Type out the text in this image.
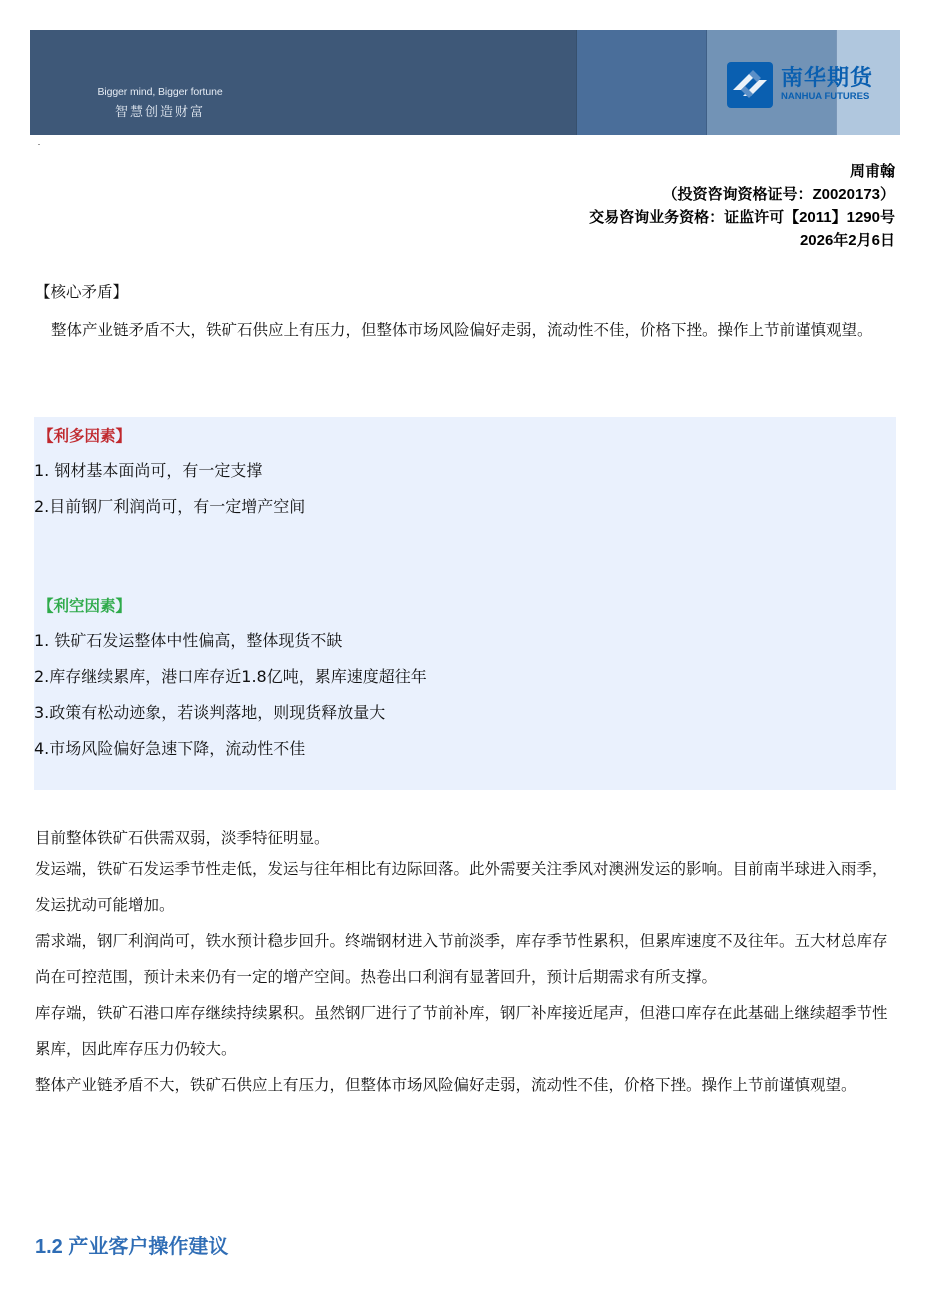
Bigger mind, Bigger fortune
智慧创造财富
南华期货
NANHUA FUTURES
周甫翰
（投资咨询资格证号：Z0020173）
交易咨询业务资格：证监许可【2011】1290号
2026年2月6日
【核心矛盾】
整体产业链矛盾不大，铁矿石供应上有压力，但整体市场风险偏好走弱，流动性不佳，价格下挫。操作上节前谨慎观望。
【利多因素】
1. 钢材基本面尚可，有一定支撑
2.目前钢厂利润尚可，有一定增产空间
【利空因素】
1. 铁矿石发运整体中性偏高，整体现货不缺
2.库存继续累库，港口库存近1.8亿吨，累库速度超往年
3.政策有松动迹象，若谈判落地，则现货释放量大
4.市场风险偏好急速下降，流动性不佳

目前整体铁矿石供需双弱，淡季特征明显。

发运端，铁矿石发运季节性走低，发运与往年相比有边际回落。此外需要关注季风对澳洲发运的影响。目前南半球进入雨季，发运扰动可能增加。

需求端，钢厂利润尚可，铁水预计稳步回升。终端钢材进入节前淡季，库存季节性累积，但累库速度不及往年。五大材总库存尚在可控范围，预计未来仍有一定的增产空间。热卷出口利润有显著回升，预计后期需求有所支撑。

库存端，铁矿石港口库存继续持续累积。虽然钢厂进行了节前补库，钢厂补库接近尾声，但港口库存在此基础上继续超季节性累库，因此库存压力仍较大。

整体产业链矛盾不大，铁矿石供应上有压力，但整体市场风险偏好走弱，流动性不佳，价格下挫。操作上节前谨慎观望。

1.2 产业客户操作建议
